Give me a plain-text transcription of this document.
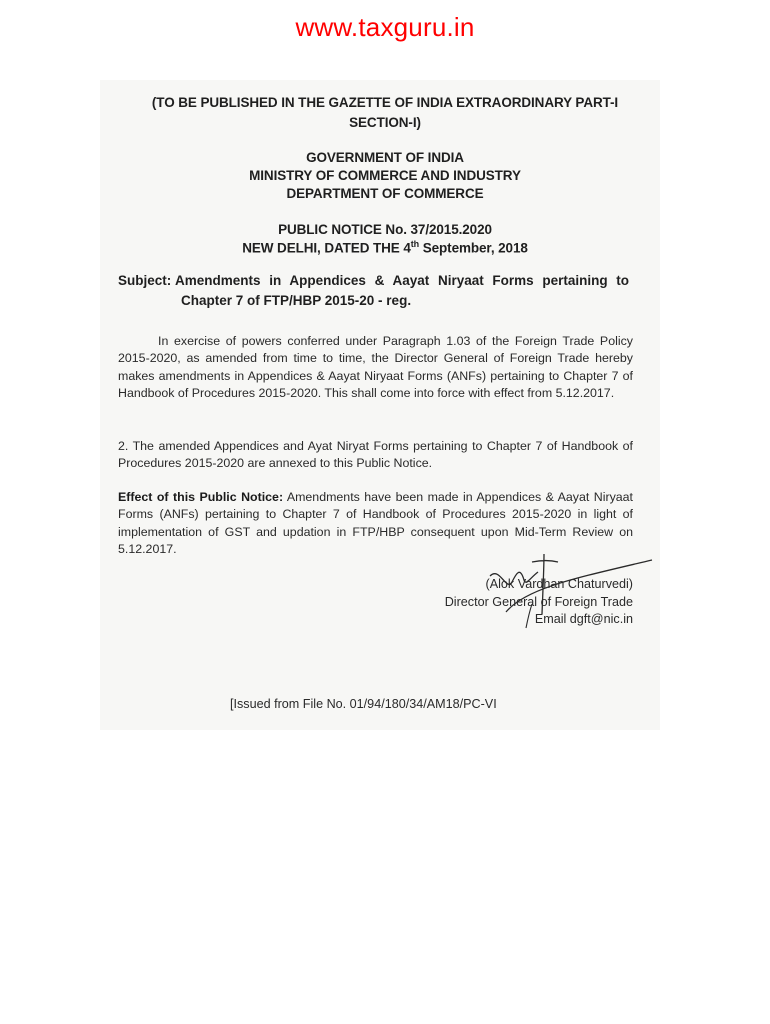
www.taxguru.in
(TO BE PUBLISHED IN THE GAZETTE OF INDIA EXTRAORDINARY PART-I
SECTION-I)
GOVERNMENT OF INDIA
MINISTRY OF COMMERCE AND INDUSTRY
DEPARTMENT OF COMMERCE
PUBLIC NOTICE No. 37/2015.2020
NEW DELHI, DATED THE 4th September, 2018
Subject: Amendments in Appendices & Aayat Niryaat Forms pertaining to
Chapter 7 of FTP/HBP 2015-20 - reg.
In exercise of powers conferred under Paragraph 1.03 of the Foreign Trade Policy 2015-2020, as amended from time to time, the Director General of Foreign Trade hereby makes amendments in Appendices & Aayat Niryaat Forms (ANFs) pertaining to Chapter 7 of Handbook of Procedures 2015-2020. This shall come into force with effect from 5.12.2017.
2. The amended Appendices and Ayat Niryat Forms pertaining to Chapter 7 of Handbook of Procedures 2015-2020 are annexed to this Public Notice.
Effect of this Public Notice: Amendments have been made in Appendices & Aayat Niryaat Forms (ANFs) pertaining to Chapter 7 of Handbook of Procedures 2015-2020 in light of implementation of GST and updation in FTP/HBP consequent upon Mid-Term Review on 5.12.2017.
(Alok Vardhan Chaturvedi)
Director General of Foreign Trade
Email dgft@nic.in
[Issued from File No. 01/94/180/34/AM18/PC-VI
